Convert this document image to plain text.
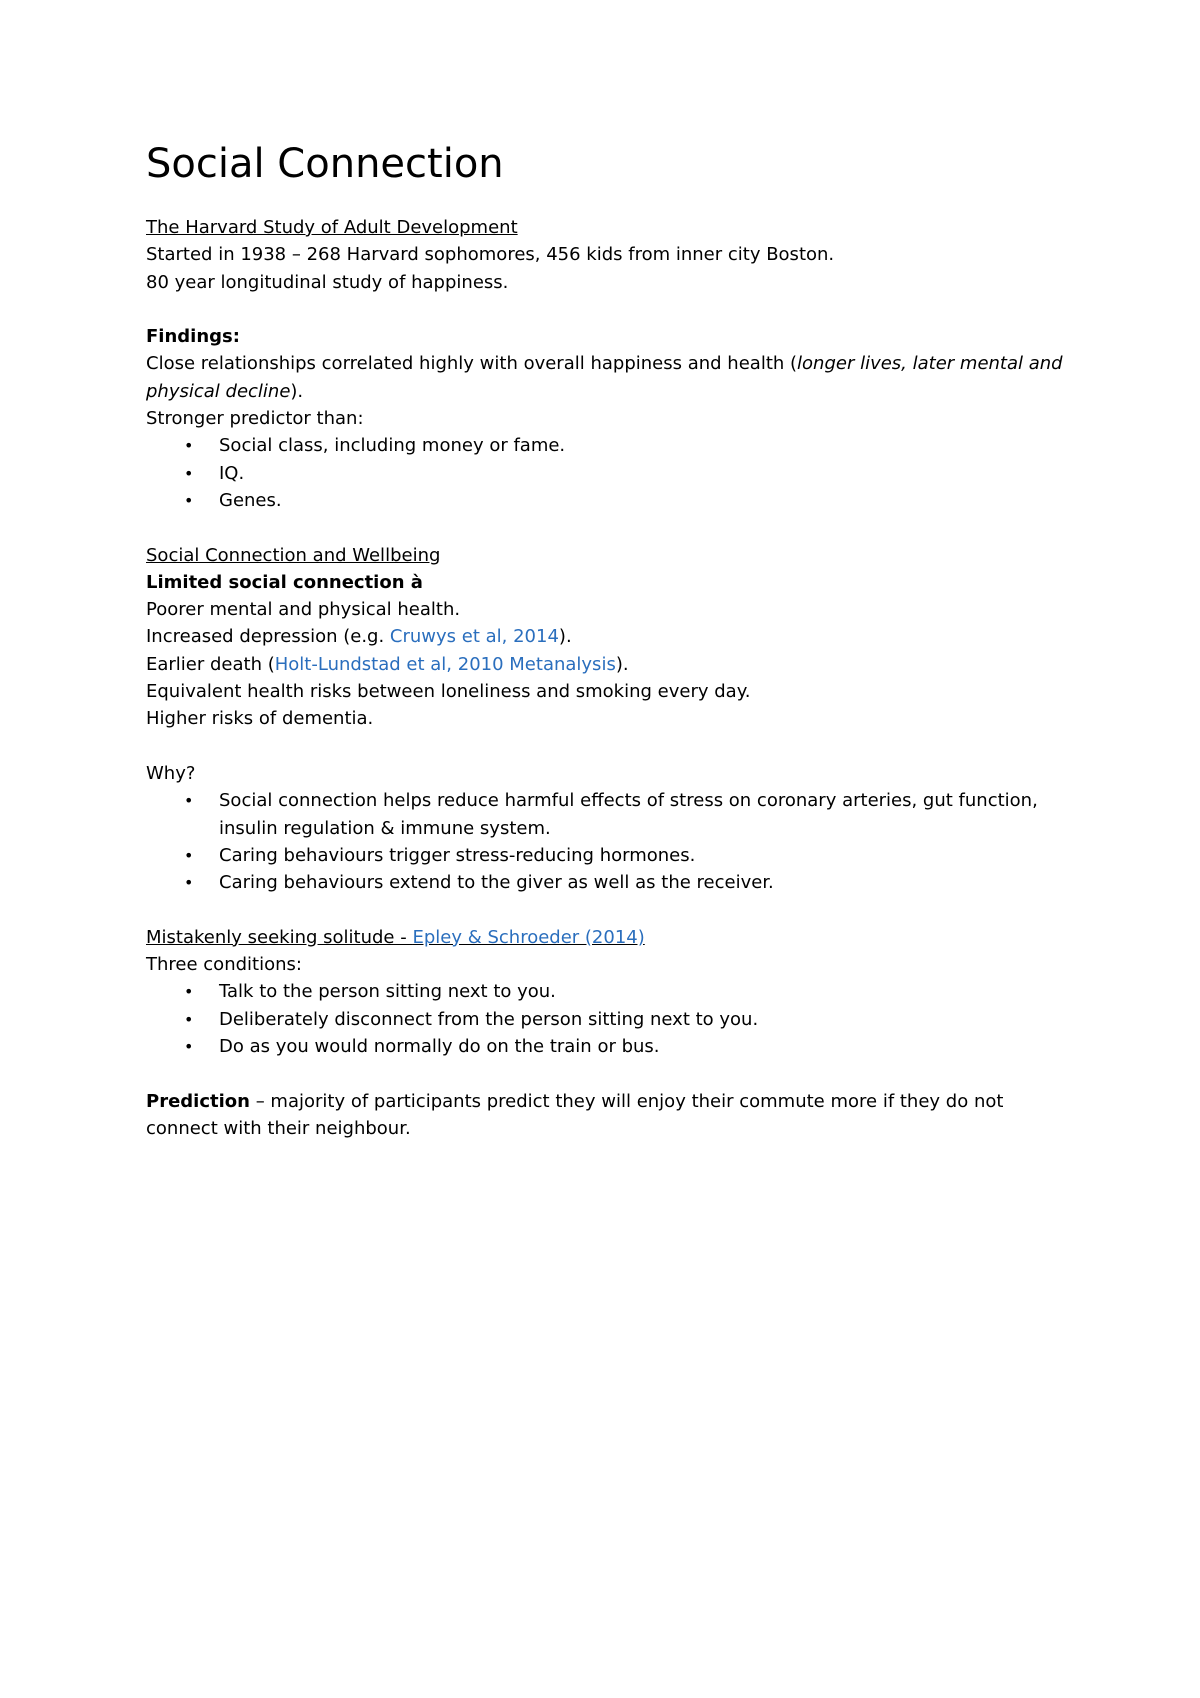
Social Connection
The Harvard Study of Adult Development
Started in 1938 – 268 Harvard sophomores, 456 kids from inner city Boston.
80 year longitudinal study of happiness.
Findings:
Close relationships correlated highly with overall happiness and health (longer lives, later mental and physical decline).
Stronger predictor than:
• Social class, including money or fame.
• IQ.
• Genes.
Social Connection and Wellbeing
Limited social connection à
Poorer mental and physical health.
Increased depression (e.g. Cruwys et al, 2014).
Earlier death (Holt-Lundstad et al, 2010 Metanalysis).
Equivalent health risks between loneliness and smoking every day.
Higher risks of dementia.
Why?
• Social connection helps reduce harmful effects of stress on coronary arteries, gut function, insulin regulation & immune system.
• Caring behaviours trigger stress-reducing hormones.
• Caring behaviours extend to the giver as well as the receiver.
Mistakenly seeking solitude - Epley & Schroeder (2014)
Three conditions:
• Talk to the person sitting next to you.
• Deliberately disconnect from the person sitting next to you.
• Do as you would normally do on the train or bus.
Prediction – majority of participants predict they will enjoy their commute more if they do not connect with their neighbour.
